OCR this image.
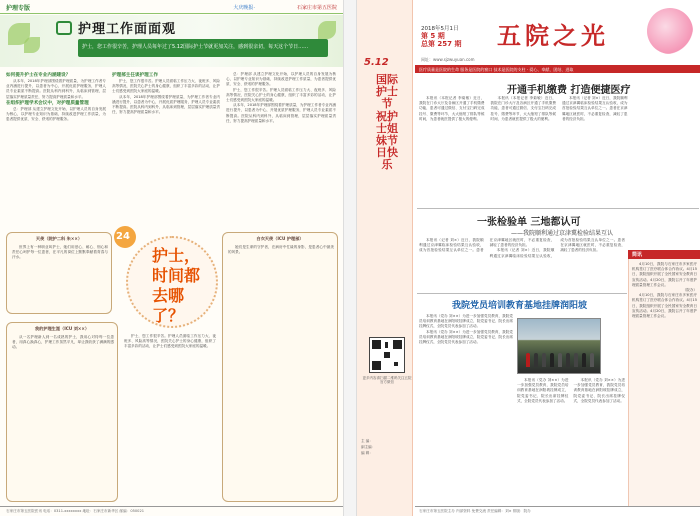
护理专版	大庆晚报·	石家庄市第五医院
护理工作面面观
护士，您工作很辛苦，护理人员每年过了5.12国际护士节就更加关注，感到很亲切，每天这个节日……
如何提升护士在专业内涵建设？

从本年，2018年护理部围绕着护理质量，为护理工作者专业内涵进行提升，以患者为中心，开展优质护理服务，护理人员专业素质不断提高。医院从科内到科外，从临床到管理，层层落实护理质量责任，努力提高护理质量和水平。

在组织护理学术会议中，对护理质量管理

总：护理部 从建立护理文化开始，以护理人员的自身发展为核心，以护理专业知识为基础，持续改进护理工作质量，为患者提供优质、安全、舒适的护理服务。

护理部主任谈护理工作

护士，您工作很辛苦。护理人员面临工作压力大、夜班多、风险高等情况，医院关心护士的身心健康，组织了丰富多彩的活动，让护士们感受到医院大家庭的温暖。

从本年，2018年护理部围绕着护理质量，为护理工作者专业内涵进行提升，以患者为中心，开展优质护理服务，护理人员专业素质不断提高。医院从科内到科外，从临床到管理，层层落实护理质量责任，努力提高护理质量和水平。

总：护理部 从建立护理文化开始，以护理人员的自身发展为核心，以护理专业知识为基础，持续改进护理工作质量，为患者提供优质、安全、舒适的护理服务。

护士，您工作很辛苦。护理人员面临工作压力大、夜班多、风险高等情况，医院关心护士的身心健康，组织了丰富多彩的活动，让护士们感受到医院大家庭的温暖。

从本年，2018年护理部围绕着护理质量，为护理工作者专业内涵进行提升，以患者为中心，开展优质护理服务，护理人员专业素质不断提高。医院从科内到科外，从临床到管理，层层落实护理质量责任，努力提高护理质量和水平。

24
护士，时间都去哪了？
天使（院护二科 朱××）

世界上有一种职业叫护士，她们用爱心、耐心、细心和责任心呵护每一位患者，在平凡的岗位上默默奉献着青春与汗水。

我的护理生涯（ICU 刘××）

从一名护理新人到一名成熟的护士，我用心对待每一位患者，用真心换真心，护理工作虽然平凡，却让我收获了满满的感动。

白衣天使（ICU 护理部）

她们是生命的守护者，在病房中忙碌的身影，是患者心中最美的风景。

护士，您工作很辛苦。护理人员面临工作压力大、夜班多、风险高等情况，医院关心护士的身心健康，组织了丰富多彩的活动，让护士们感受到医院大家庭的温暖。

石家庄市第五医院医讯 电话：0311-xxxxxxxx 地址：石家庄市新华区 邮编：050021
5.12
国际护士节 祝护士姐妹节日快乐
更多内容请扫描二维码关注五院官方微信
主 编：
副主编：
编 辑：
2018年5月1日
第 5 期
总第 257 期 五院之光
网址：www.sjzwuyuan.com
医疗质量是医院的生命 服务是医院的窗口 技术是医院的支柱 · 爱心、奉献、团结、进取
开通手机缴费 打造便捷医疗

本报讯（本报记者 李菊敏）近日，我院在门诊大厅及各病区开通了手机缴费功能，患者可通过微信、支付宝扫码完成挂号、缴费等环节，大大缩短了排队等候时间，为患者就医提供了极大的便利。

本报讯（本报记者 李菊敏）近日，我院在门诊大厅及各病区开通了手机缴费功能，患者可通过微信、支付宝扫码完成挂号、缴费等环节，大大缩短了排队等候时间，为患者就医提供了极大的便利。

本报讯（记者 刘×）近日，我院顺利通过京津冀临床检验结果互认验收，成为首批检验结果互认单位之一。患者在京津冀地区就医时，不必重复检查，减轻了患者的经济负担。

一张检验单 三地都认可
——我院顺利通过京津冀检验结果互认

本报讯（记者 刘×）近日，我院顺利通过京津冀临床检验结果互认验收，成为首批检验结果互认单位之一。患者在京津冀地区就医时，不必重复检查，减轻了患者的经济负担。

本报讯（记者 刘×）近日，我院顺利通过京津冀临床检验结果互认验收，成为首批检验结果互认单位之一。患者在京津冀地区就医时，不必重复检查，减轻了患者的经济负担。

我院党员培训教育基地挂牌润阳坡

本报讯（党办 刘××）为进一步加强党员教育，我院党员培训教育基地在润阳坡挂牌成立，院党委书记、院长出席挂牌仪式，全院党员代表参加了活动。

本报讯（党办 刘××）为进一步加强党员教育，我院党员培训教育基地在润阳坡挂牌成立，院党委书记、院长出席挂牌仪式，全院党员代表参加了活动。

本报讯（党办 刘××）为进一步加强党员教育，我院党员培训教育基地在润阳坡挂牌成立，院党委书记、院长出席挂牌仪式，全院党员代表参加了活动。

本报讯（党办 刘××）为进一步加强党员教育，我院党员培训教育基地在润阳坡挂牌成立，院党委书记、院长出席挂牌仪式，全院党员代表参加了活动。

简讯

4月10日，我院与石家庄市多家医疗机构签订了医疗联合体合作协议。4月15日，我院组织开展了全民国家安全教育日宣传活动。4月20日，我院召开了年度护理质量管理工作会议。

（院办）

4月10日，我院与石家庄市多家医疗机构签订了医疗联合体合作协议。4月15日，我院组织开展了全民国家安全教育日宣传活动。4月20日，我院召开了年度护理质量管理工作会议。

石家庄市第五医院主办 内部资料 免费交流 责任编辑：刘× 排版：院办
